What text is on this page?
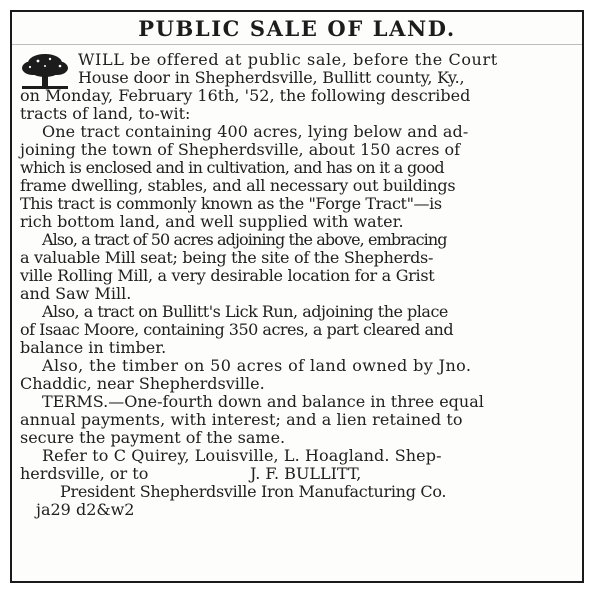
PUBLIC SALE OF LAND.
WILL be offered at public sale, before the Court
House door in Shepherdsville, Bullitt county, Ky.,
on Monday, February 16th, '52, the following described
tracts of land, to-wit:
One tract containing 400 acres, lying below and ad-
joining the town of Shepherdsville, about 150 acres of
which is enclosed and in cultivation, and has on it a good
frame dwelling, stables, and all necessary out buildings
This tract is commonly known as the "Forge Tract"—is
rich bottom land, and well supplied with water.
Also, a tract of 50 acres adjoining the above, embracing
a valuable Mill seat; being the site of the Shepherds-
ville Rolling Mill, a very desirable location for a Grist
and Saw Mill.
Also, a tract on Bullitt's Lick Run, adjoining the place
of Isaac Moore, containing 350 acres, a part cleared and
balance in timber.
Also, the timber on 50 acres of land owned by Jno.
Chaddic, near Shepherdsville.
TERMS.—One-fourth down and balance in three equal
annual payments, with interest; and a lien retained to
secure the payment of the same.
Refer to C Quirey, Louisville, L. Hoagland. Shep-
herdsville, or to                    J. F. BULLITT,
President Shepherdsville Iron Manufacturing Co.
ja29 d2&w2
